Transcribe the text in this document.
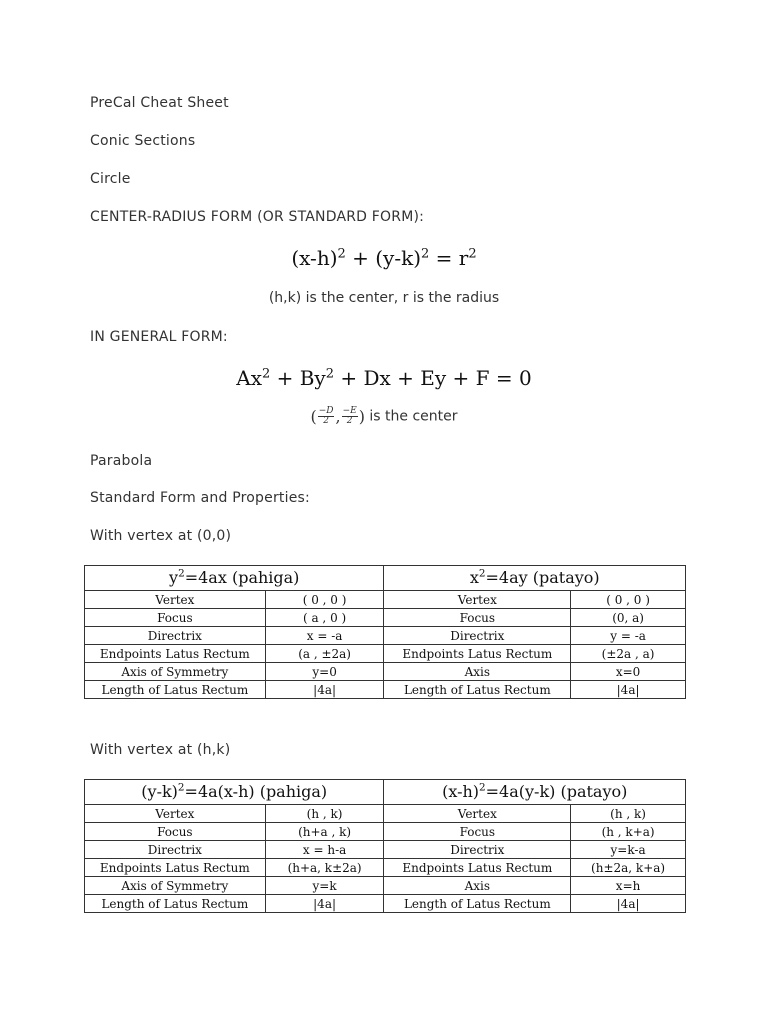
PreCal Cheat Sheet
Conic Sections
Circle
CENTER-RADIUS FORM (OR STANDARD FORM):
$(x-h)^2 + (y-k)^2 = r^2$
(h,k) is the center, r is the radius
IN GENERAL FORM:
$Ax^2 + By^2 + Dx + Ey + F = 0$
( $\frac{-D}{2}$ , $\frac{-E}{2}$ ) is the center
Parabola
Standard Form and Properties:
With vertex at (0,0)
$y^2=4ax$ (pahiga)		$x^2=4ay$ (patayo)	
Vertex	( 0 , 0 )	Vertex	( 0 , 0 )
Focus	( a , 0 )	Focus	(0, a)
Directrix	x = -a	Directrix	y = -a
Endpoints Latus Rectum	(a , ±2a)	Endpoints Latus Rectum	(±2a , a)
Axis of Symmetry	y=0	Axis	x=0
Length of Latus Rectum	|4a|	Length of Latus Rectum	|4a|
With vertex at (h,k)
$(y-k)^2=4a(x-h)$ (pahiga)		$(x-h)^2=4a(y-k)$ (patayo)	
Vertex	(h , k)	Vertex	(h , k)
Focus	(h+a , k)	Focus	(h , k+a)
Directrix	x = h-a	Directrix	y=k-a
Endpoints Latus Rectum	(h+a, k±2a)	Endpoints Latus Rectum	(h±2a, k+a)
Axis of Symmetry	y=k	Axis	x=h
Length of Latus Rectum	|4a|	Length of Latus Rectum	|4a|
